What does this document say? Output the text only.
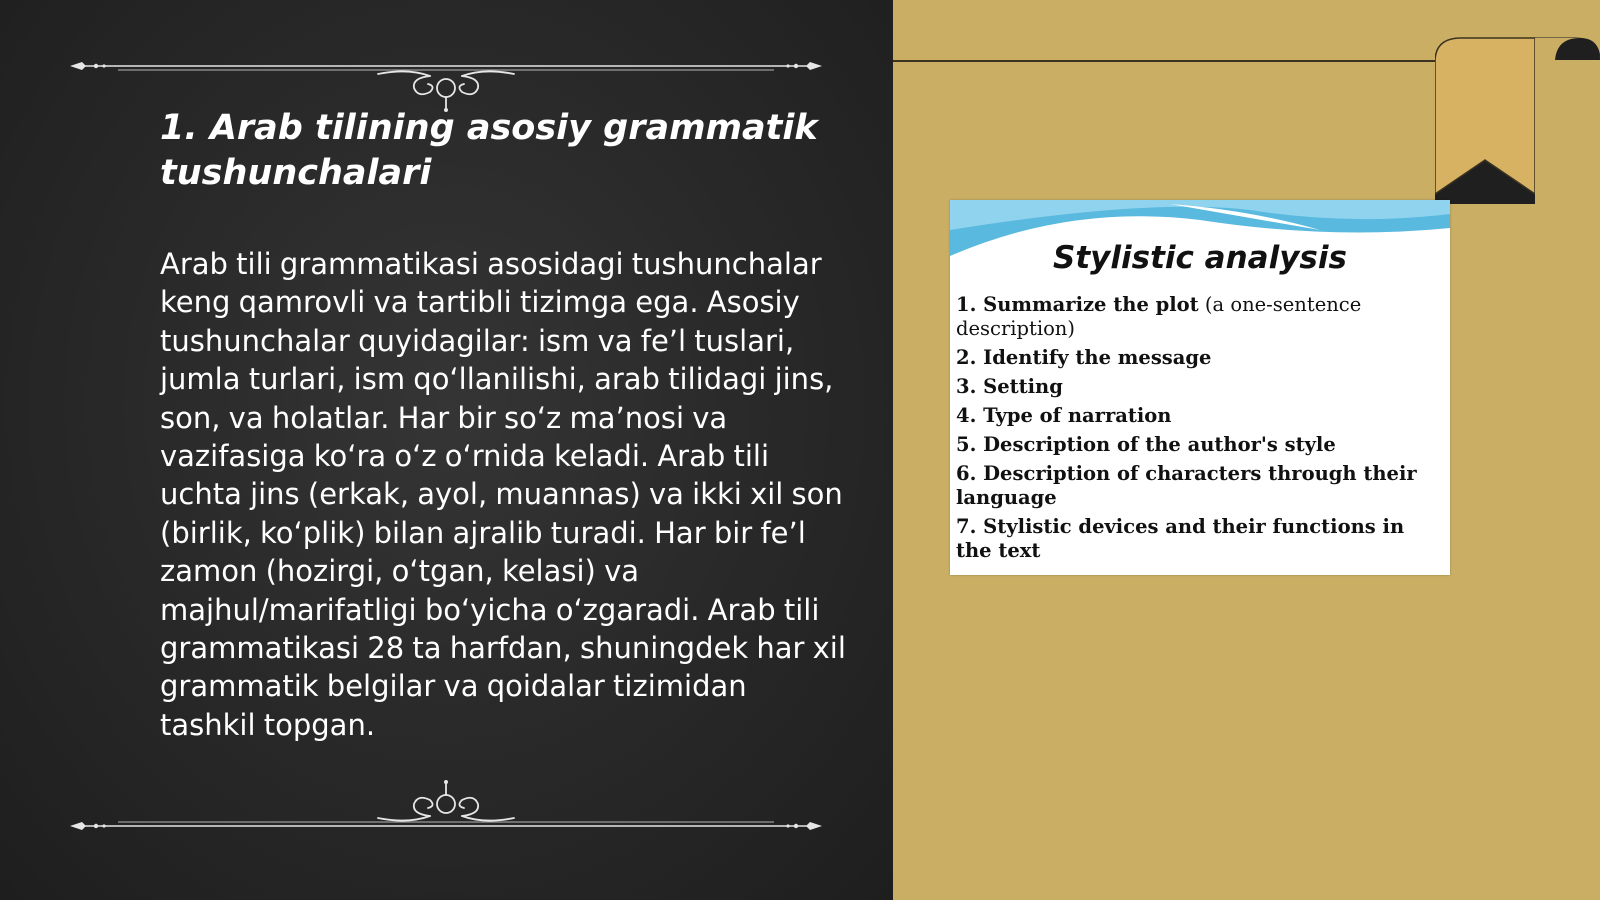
1. Arab tilining asosiy grammatik tushunchalari

Arab tili grammatikasi asosidagi tushunchalar keng qamrovli va tartibli tizimga ega. Asosiy tushunchalar quyidagilar: ism va fe’l tuslari, jumla turlari, ism qo‘llanilishi, arab tilidagi jins, son, va holatlar. Har bir so‘z ma’nosi va vazifasiga ko‘ra o‘z o‘rnida keladi. Arab tili uchta jins (erkak, ayol, muannas) va ikki xil son (birlik, ko‘plik) bilan ajralib turadi. Har bir fe’l zamon (hozirgi, o‘tgan, kelasi) va majhul/marifatligi bo‘yicha o‘zgaradi. Arab tili grammatikasi 28 ta harfdan, shuningdek har xil grammatik belgilar va qoidalar tizimidan tashkil topgan.

Stylistic analysis
1. Summarize the plot (a one-sentence description)
2. Identify the message
3. Setting
4. Type of narration
5. Description of the author's style
6. Description of characters through their language
7. Stylistic devices and their functions in the text
